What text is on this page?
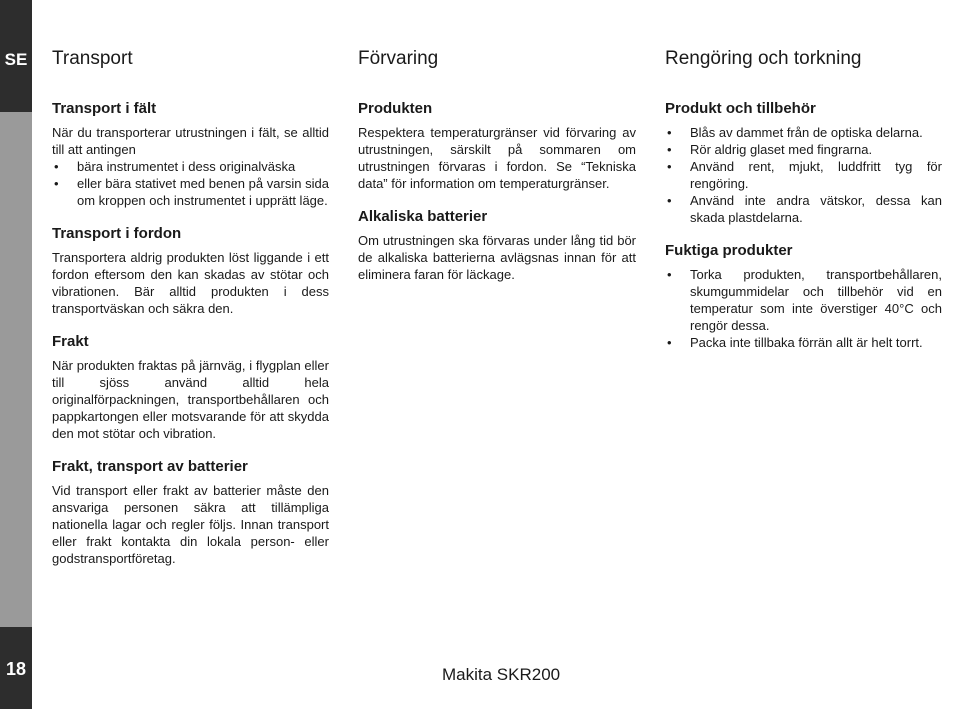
SE
18
Transport	Förvaring	Rengöring och torkning
Transport i fält

När du transporterar utrustningen i fält, se alltid till att antingen

• bära instrumentet i dess originalväska
• eller bära stativet med benen på varsin sida om kroppen och instrumentet i upprätt läge.
Transport i fordon

Transportera aldrig produkten löst liggande i ett fordon eftersom den kan skadas av stötar och vibrationen. Bär alltid produkten i dess transportväskan och säkra den.

Frakt

När produkten fraktas på järnväg, i flygplan eller till sjöss använd alltid hela originalförpackningen, transportbehållaren och pappkartongen eller motsvarande för att skydda den mot stötar och vibration.

Frakt, transport av batterier

Vid transport eller frakt av batterier måste den ansvariga personen säkra att tillämpliga nationella lagar och regler följs. Innan transport eller frakt kontakta din lokala person- eller godstransportföretag.

Produkten

Respektera temperaturgränser vid förvaring av utrustningen, särskilt på sommaren om utrustningen förvaras i fordon. Se “Tekniska data” för information om temperaturgränser.

Alkaliska batterier

Om utrustningen ska förvaras under lång tid bör de alkaliska batterierna avlägsnas innan för att eliminera faran för läckage.

Produkt och tillbehör
• Blås av dammet från de optiska delarna.
• Rör aldrig glaset med fingrarna.
• Använd rent, mjukt, luddfritt tyg för rengöring.
• Använd inte andra vätskor, dessa kan skada plastdelarna.
Fuktiga produkter
• Torka produkten, transportbehållaren, skumgummidelar och tillbehör vid en temperatur som inte överstiger 40°C och rengör dessa.
• Packa inte tillbaka förrän allt är helt torrt.
Makita SKR200
